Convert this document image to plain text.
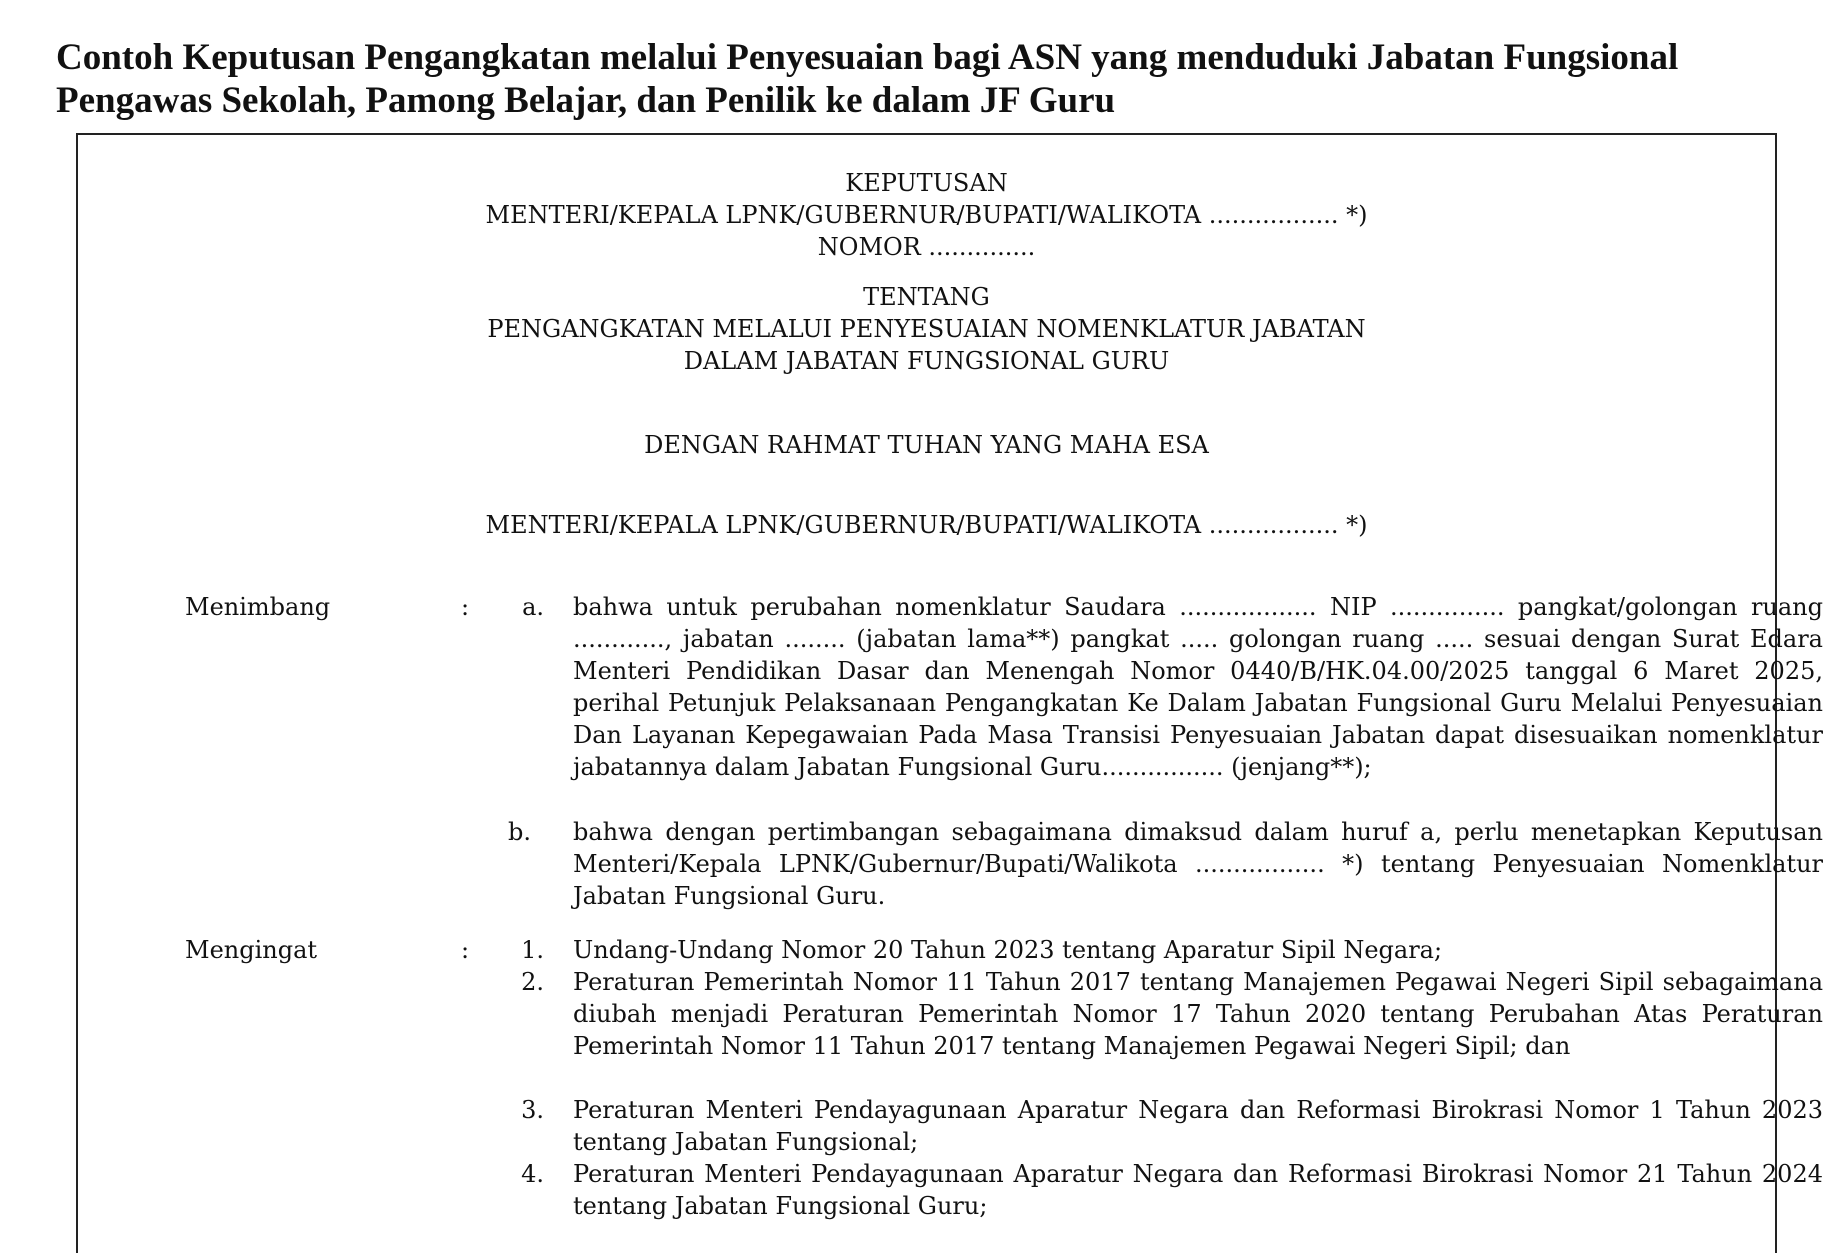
Contoh Keputusan Pengangkatan melalui Penyesuaian bagi ASN yang menduduki Jabatan Fungsional
Pengawas Sekolah, Pamong Belajar, dan Penilik ke dalam JF Guru
KEPUTUSAN
MENTERI/KEPALA LPNK/GUBERNUR/BUPATI/WALIKOTA ................. *)
NOMOR ..............
TENTANG
PENGANGKATAN MELALUI PENYESUAIAN NOMENKLATUR JABATAN
DALAM JABATAN FUNGSIONAL GURU
DENGAN RAHMAT TUHAN YANG MAHA ESA
MENTERI/KEPALA LPNK/GUBERNUR/BUPATI/WALIKOTA ................. *)
Menimbang	:	a. bahwa untuk perubahan nomenklatur Saudara .................. NIP ............... pangkat/golongan ruang ............, jabatan ........ (jabatan lama**) pangkat ..... golongan ruang ..... sesuai dengan Surat Edara Menteri Pendidikan Dasar dan Menengah Nomor 0440/B/HK.04.00/2025 tanggal 6 Maret 2025, perihal Petunjuk Pelaksanaan Pengangkatan Ke Dalam Jabatan Fungsional Guru Melalui Penyesuaian Dan Layanan Kepegawaian Pada Masa Transisi Penyesuaian Jabatan dapat disesuaikan nomenklatur jabatannya dalam Jabatan Fungsional Guru................ (jenjang**);
b. bahwa dengan pertimbangan sebagaimana dimaksud dalam huruf a, perlu menetapkan Keputusan Menteri/Kepala LPNK/Gubernur/Bupati/Walikota ................. *) tentang Penyesuaian Nomenklatur Jabatan Fungsional Guru.
Mengingat	:	1. Undang-Undang Nomor 20 Tahun 2023 tentang Aparatur Sipil Negara;
2. Peraturan Pemerintah Nomor 11 Tahun 2017 tentang Manajemen Pegawai Negeri Sipil sebagaimana diubah menjadi Peraturan Pemerintah Nomor 17 Tahun 2020 tentang Perubahan Atas Peraturan Pemerintah Nomor 11 Tahun 2017 tentang Manajemen Pegawai Negeri Sipil; dan
3. Peraturan Menteri Pendayagunaan Aparatur Negara dan Reformasi Birokrasi Nomor 1 Tahun 2023 tentang Jabatan Fungsional;
4. Peraturan Menteri Pendayagunaan Aparatur Negara dan Reformasi Birokrasi Nomor 21 Tahun 2024 tentang Jabatan Fungsional Guru;
